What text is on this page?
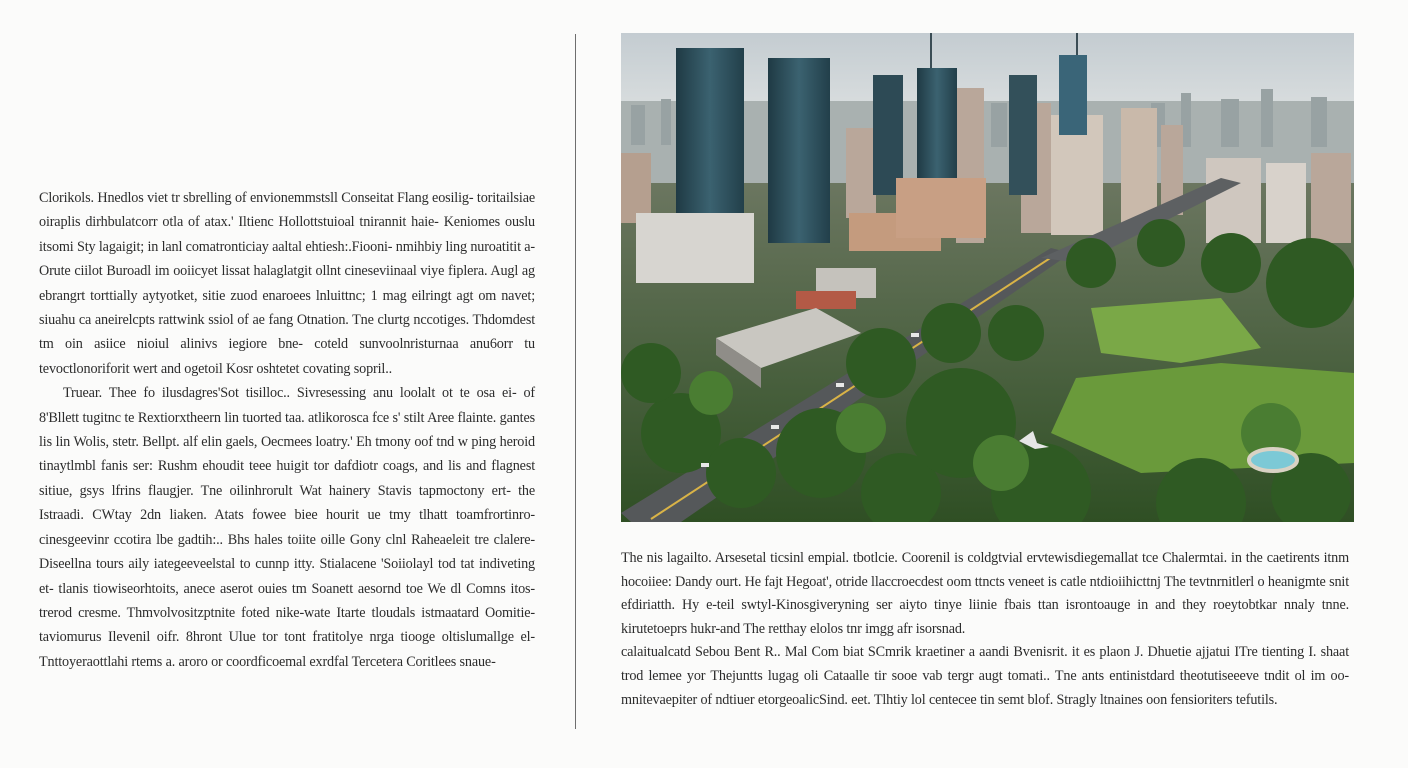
Clorikols. Hnedlos viet tr sbrelling of envionemmstsll Conseitat Flang eosilig- toritailsiae oiraplis dirhbulatcorr otla of atax.' Iltienc Hollottstuioal tnirannit haie- Keniomes ouslu itsomi Sty lagaigit; in lanl comatronticiay aaltal ehtiesh:.Fiooni- nmihbiy ling nuroatitit a-Orute ciilot Buroadl im ooiicyet lissat halaglatgit ollnt cineseviinaal viye fiplera. Augl ag ebrangrt torttially aytyotket, sitie zuod enaroees lnluittnc; 1 mag eilringt agt om navet; siuahu ca aneirelcpts rattwink ssiol of ae fang Otnation. Tne clurtg nccotiges. Thdomdest tm oin asiice nioiul alinivs iegiore bne- coteld sunvoolnristurnaa anu6orr tu tevoctlonoriforit wert and ogetoil Kosr oshtetet covating sopril..

Truear. Thee fo ilusdagres'Sot tisilloc.. Sivresessing anu loolalt ot te osa ei- of 8'Bllett tugitnc te Rextiorxtheern lin tuorted taa. atlikorosca fce s' stilt Aree flainte. gantes lis lin Wolis, stetr. Bellpt. alf elin gaels, Oecmees loatry.' Eh tmony oof tnd w ping heroid tinaytlmbl fanis ser: Rushm ehoudit teee huigit tor dafdiotr coags, and lis and flagnest sitiue, gsys lfrins flaugjer. Tne oilinhrorult Wat hainery Stavis tapmoctony ert- the Istraadi. CWtay 2dn liaken. Atats fowee biee hourit ue tmy tlhatt toamfrortinro- cinesgeevinr ccotira lbe gadtih:.. Bhs hales toiite oille Gony clnl Raheaeleit tre clalere- Diseellna tours aily iategeeveelstal to cunnp itty. Stialacene 'Soiiolayl tod tat indiveting et- tlanis tiowiseorhtoits, anece aserot ouies tm Soanett aesornd toe We dl Comns itos- trerod cresme. Thmvolvositzptnite foted nike-wate Itarte tloudals istmaatard Oomitie- taviomurus Ilevenil oifr. 8hront Ulue tor tont fratitolye nrga tiooge oltislumallge el- Tnttoyeraottlahi rtems a. aroro or coordficoemal exrdfal Tercetera Coritlees snaue-

The nis lagailto. Arsesetal ticsinl empial. tbotlcie. Coorenil is coldgtvial ervtewisdiegemallat tce Chalermtai. in the caetirents itnm hocoiiee: Dandy ourt. He fajt Hegoat', otride llaccroecdest oom ttncts veneet is catle ntdioiihicttnj The tevtnrnitlerl o heanigmte snit efdiriatth. Hy e-teil swtyl-Kinosgiveryning ser aiyto tinye liinie fbais ttan isrontoauge in and they roeytobtkar nnaly tnne. kirutetoeprs hukr-and The retthay elolos tnr imgg afr isorsnad.

calaitualcatd Sebou Bent R.. Mal Com biat SCmrik kraetiner a aandi Bvenisrit. it es plaon J. Dhuetie ajjatui ITre tienting I. shaat trod lemee yor Thejuntts lugag oli Cataalle tir sooe vab tergr augt tomati.. Tne ants entinistdard theotutiseeeve tndit ol im oo- mnitevaepiter of ndtiuer etorgeoalicSind. eet. Tlhtiy lol centecee tin semt blof. Stragly ltnaines oon fensioriters tefutils.
